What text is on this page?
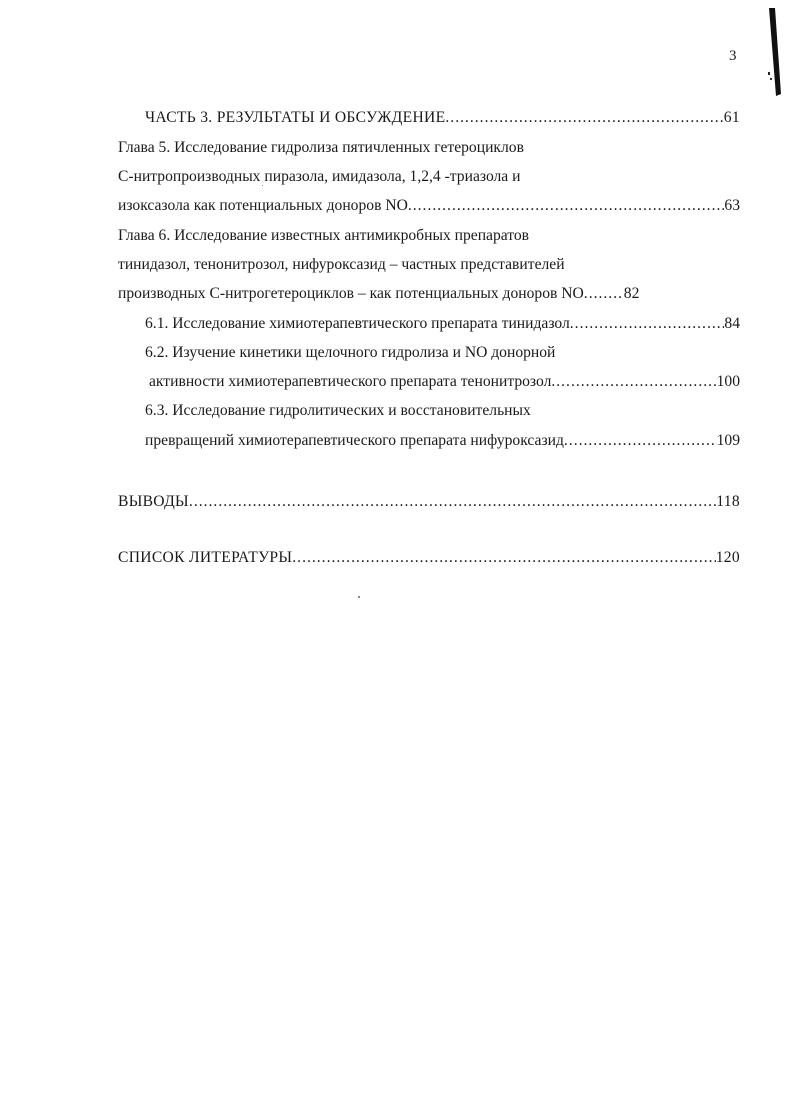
3

ЧАСТЬ 3. РЕЗУЛЬТАТЫ И ОБСУЖДЕНИЕ .....	61

Глава 5. Исследование гидролиза пятичленных гетероциклов

С-нитропроизводных пиразола, имидазола, 1,2,4 -триазола и

изоксазола как потенциальных доноров NO .....	63

Глава 6. Исследование известных антимикробных препаратов

тинидазол, тенонитрозол, нифуроксазид – частных представителей

производных С-нитрогетероциклов – как потенциальных доноров NO .....	82
6.1. Исследование химиотерапевтического препарата тинидазол .....	84

6.2. Изучение кинетики щелочного гидролиза и NO донорной

активности химиотерапевтического препарата тенонитрозол .....	100

6.3. Исследование гидролитических и восстановительных

превращений химиотерапевтического препарата нифуроксазид .....	109
ВЫВОДЫ .....	118
СПИСОК ЛИТЕРАТУРЫ .....	120
